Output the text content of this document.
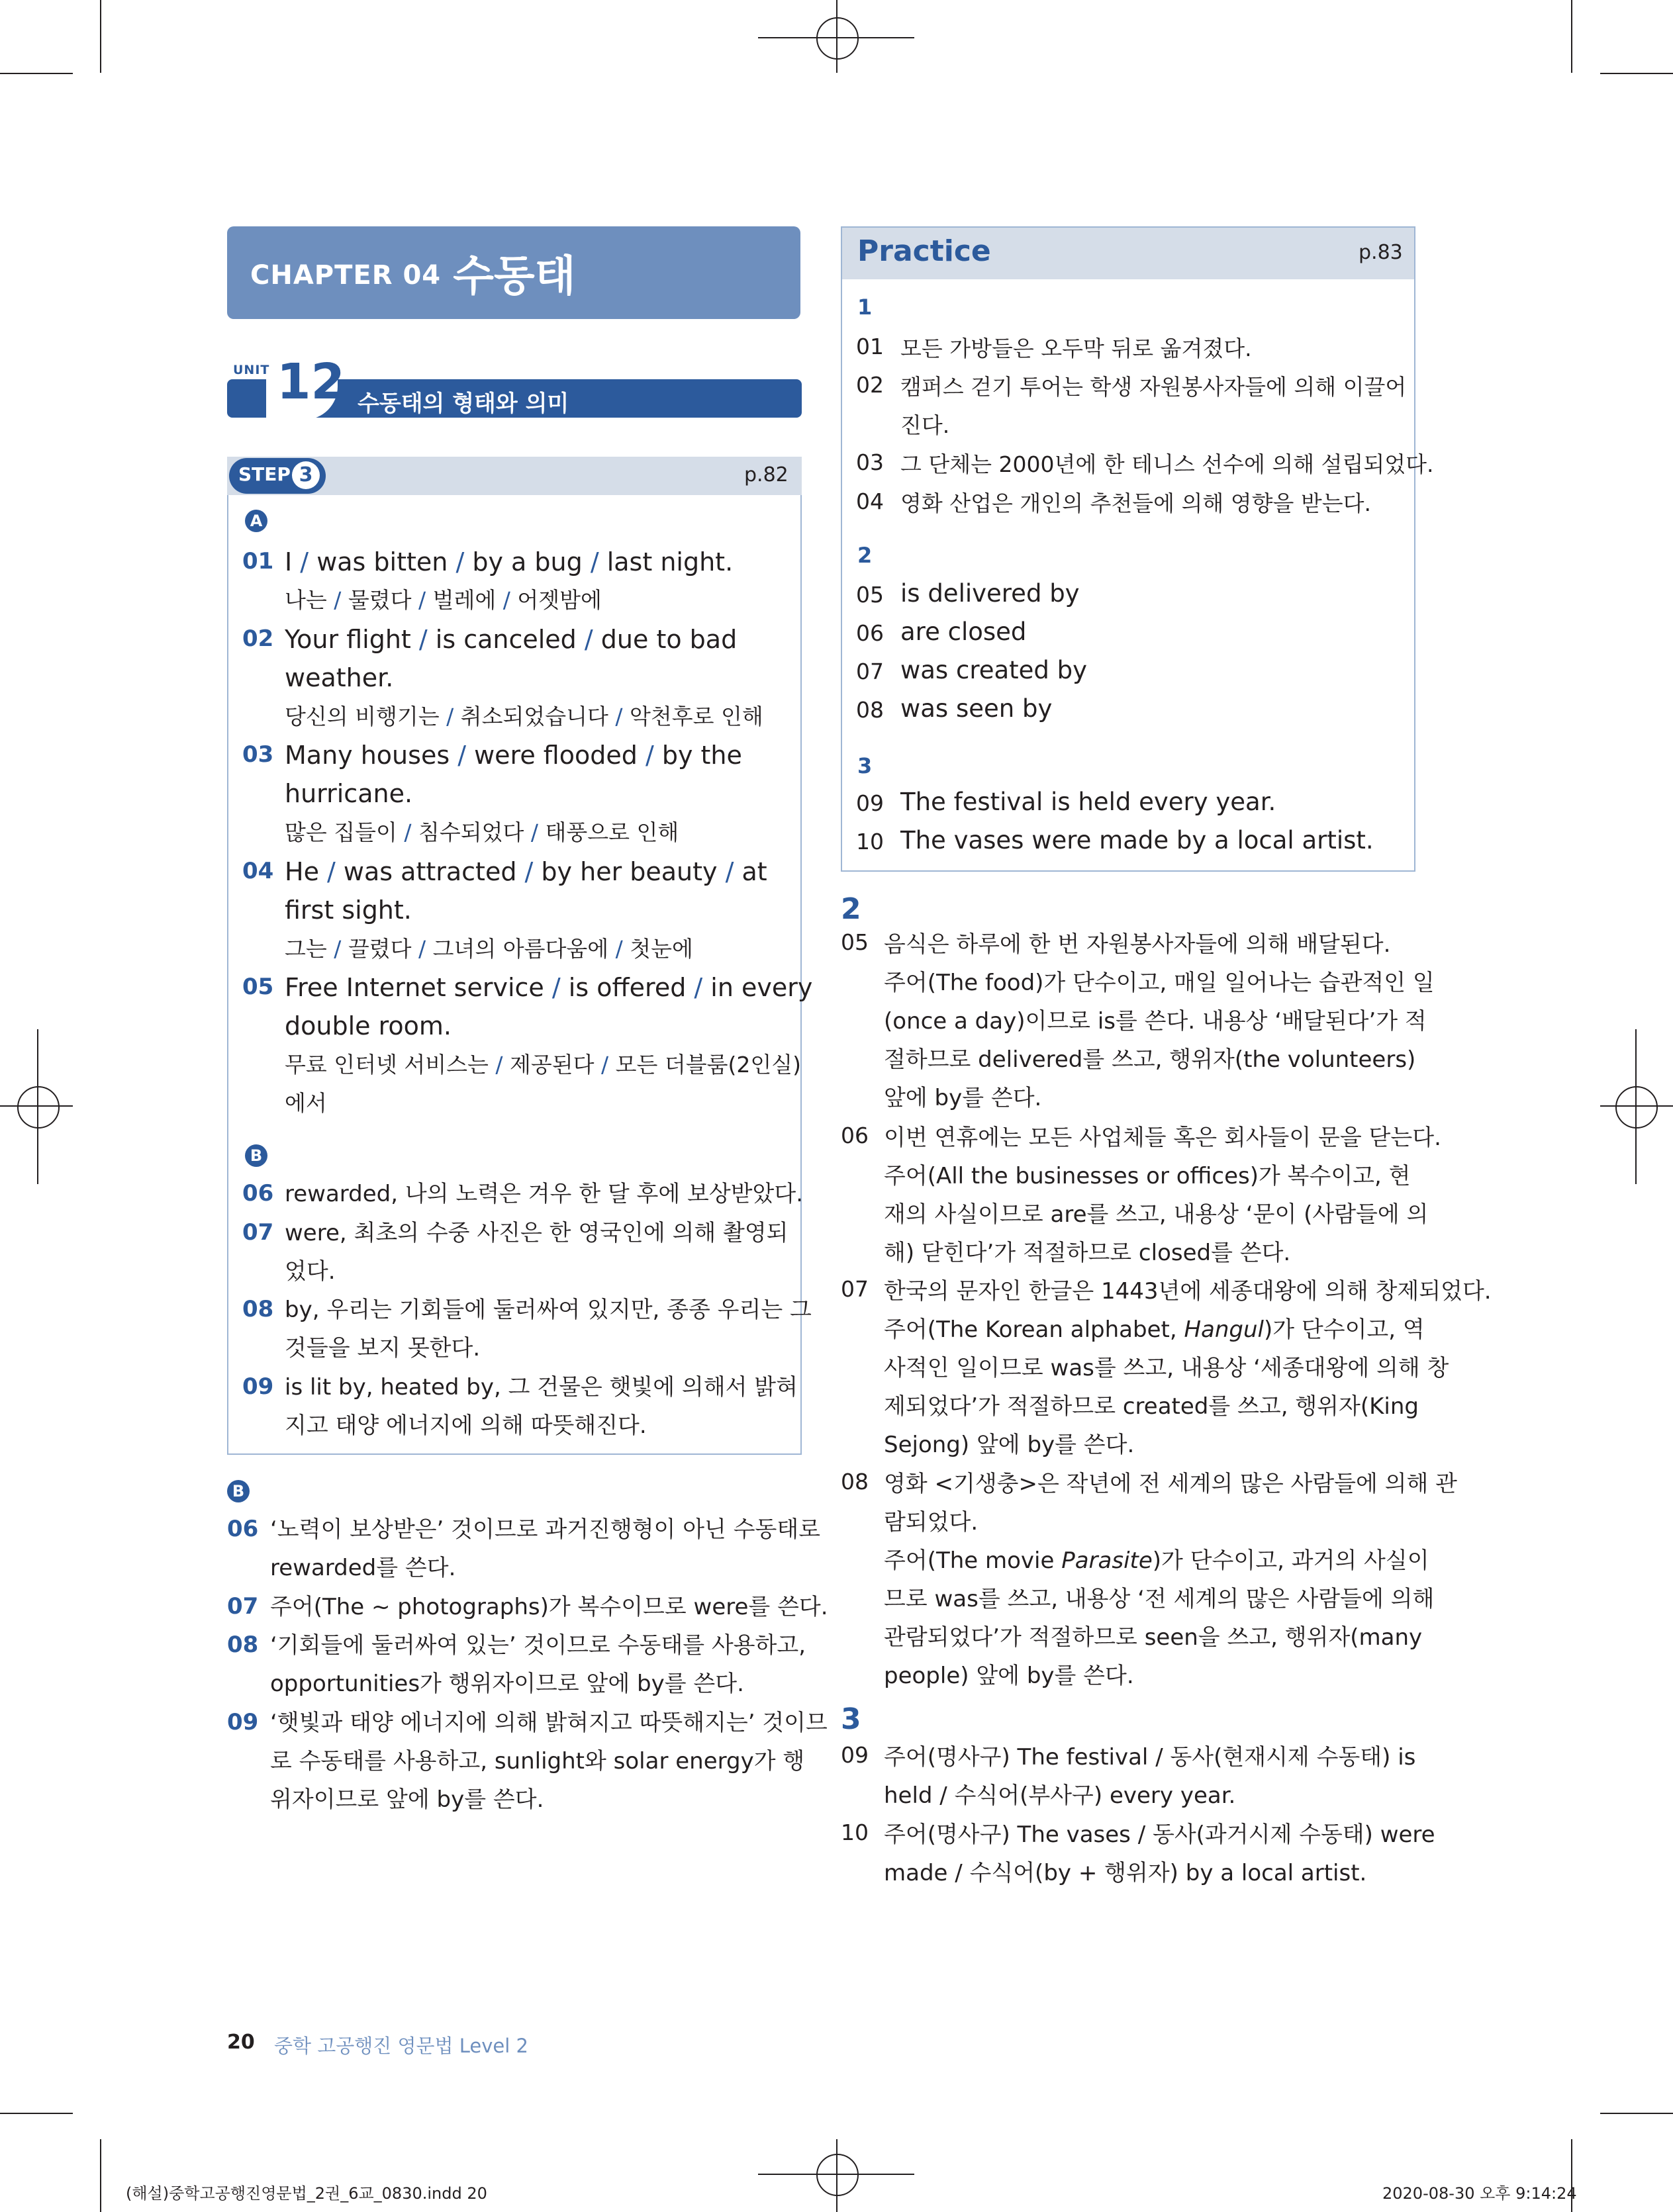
CHAPTER 04 수동태
UNIT 12 수동태의 형태와 의미
STEP 3	p.82
A
01 I / was bitten / by a bug / last night.
나는 / 물렸다 / 벌레에 / 어젯밤에
02 Your flight / is canceled / due to bad
weather.
당신의 비행기는 / 취소되었습니다 / 악천후로 인해
03 Many houses / were flooded / by the
hurricane.
많은 집들이 / 침수되었다 / 태풍으로 인해
04 He / was attracted / by her beauty / at
first sight.
그는 / 끌렸다 / 그녀의 아름다움에 / 첫눈에
05 Free Internet service / is offered / in every
double room.
무료 인터넷 서비스는 / 제공된다 / 모든 더블룸(2인실)
에서
B
06 rewarded, 나의 노력은 겨우 한 달 후에 보상받았다.
07 were, 최초의 수중 사진은 한 영국인에 의해 촬영되
었다.
08 by, 우리는 기회들에 둘러싸여 있지만, 종종 우리는 그
것들을 보지 못한다.
09 is lit by, heated by, 그 건물은 햇빛에 의해서 밝혀
지고 태양 에너지에 의해 따뜻해진다.
B
06 ‘노력이 보상받은’ 것이므로 과거진행형이 아닌 수동태로
rewarded를 쓴다.
07 주어(The ~ photographs)가 복수이므로 were를 쓴다.
08 ‘기회들에 둘러싸여 있는’ 것이므로 수동태를 사용하고,
opportunities가 행위자이므로 앞에 by를 쓴다.
09 ‘햇빛과 태양 에너지에 의해 밝혀지고 따뜻해지는’ 것이므
로 수동태를 사용하고, sunlight와 solar energy가 행
위자이므로 앞에 by를 쓴다.
Practice	p.83
1
01 모든 가방들은 오두막 뒤로 옮겨졌다.
02 캠퍼스 걷기 투어는 학생 자원봉사자들에 의해 이끌어
진다.
03 그 단체는 2000년에 한 테니스 선수에 의해 설립되었다.
04 영화 산업은 개인의 추천들에 의해 영향을 받는다.
2
05 is delivered by
06 are closed
07 was created by
08 was seen by
3
09 The festival is held every year.
10 The vases were made by a local artist.
2
05 음식은 하루에 한 번 자원봉사자들에 의해 배달된다.
주어(The food)가 단수이고, 매일 일어나는 습관적인 일
(once a day)이므로 is를 쓴다. 내용상 ‘배달된다’가 적
절하므로 delivered를 쓰고, 행위자(the volunteers)
앞에 by를 쓴다.
06 이번 연휴에는 모든 사업체들 혹은 회사들이 문을 닫는다.
주어(All the businesses or offices)가 복수이고, 현
재의 사실이므로 are를 쓰고, 내용상 ‘문이 (사람들에 의
해) 닫힌다’가 적절하므로 closed를 쓴다.
07 한국의 문자인 한글은 1443년에 세종대왕에 의해 창제되었다.
주어(The Korean alphabet, Hangul)가 단수이고, 역
사적인 일이므로 was를 쓰고, 내용상 ‘세종대왕에 의해 창
제되었다’가 적절하므로 created를 쓰고, 행위자(King
Sejong) 앞에 by를 쓴다.
08 영화 <기생충>은 작년에 전 세계의 많은 사람들에 의해 관
람되었다.
주어(The movie Parasite)가 단수이고, 과거의 사실이
므로 was를 쓰고, 내용상 ‘전 세계의 많은 사람들에 의해
관람되었다’가 적절하므로 seen을 쓰고, 행위자(many
people) 앞에 by를 쓴다.
3
09 주어(명사구) The festival / 동사(현재시제 수동태) is
held / 수식어(부사구) every year.
10 주어(명사구) The vases / 동사(과거시제 수동태) were
made / 수식어(by + 행위자) by a local artist.
20 중학 고공행진 영문법 Level 2
(해설)중학고공행진영문법_2권_6교_0830.indd 20	2020-08-30 오후 9:14:24
